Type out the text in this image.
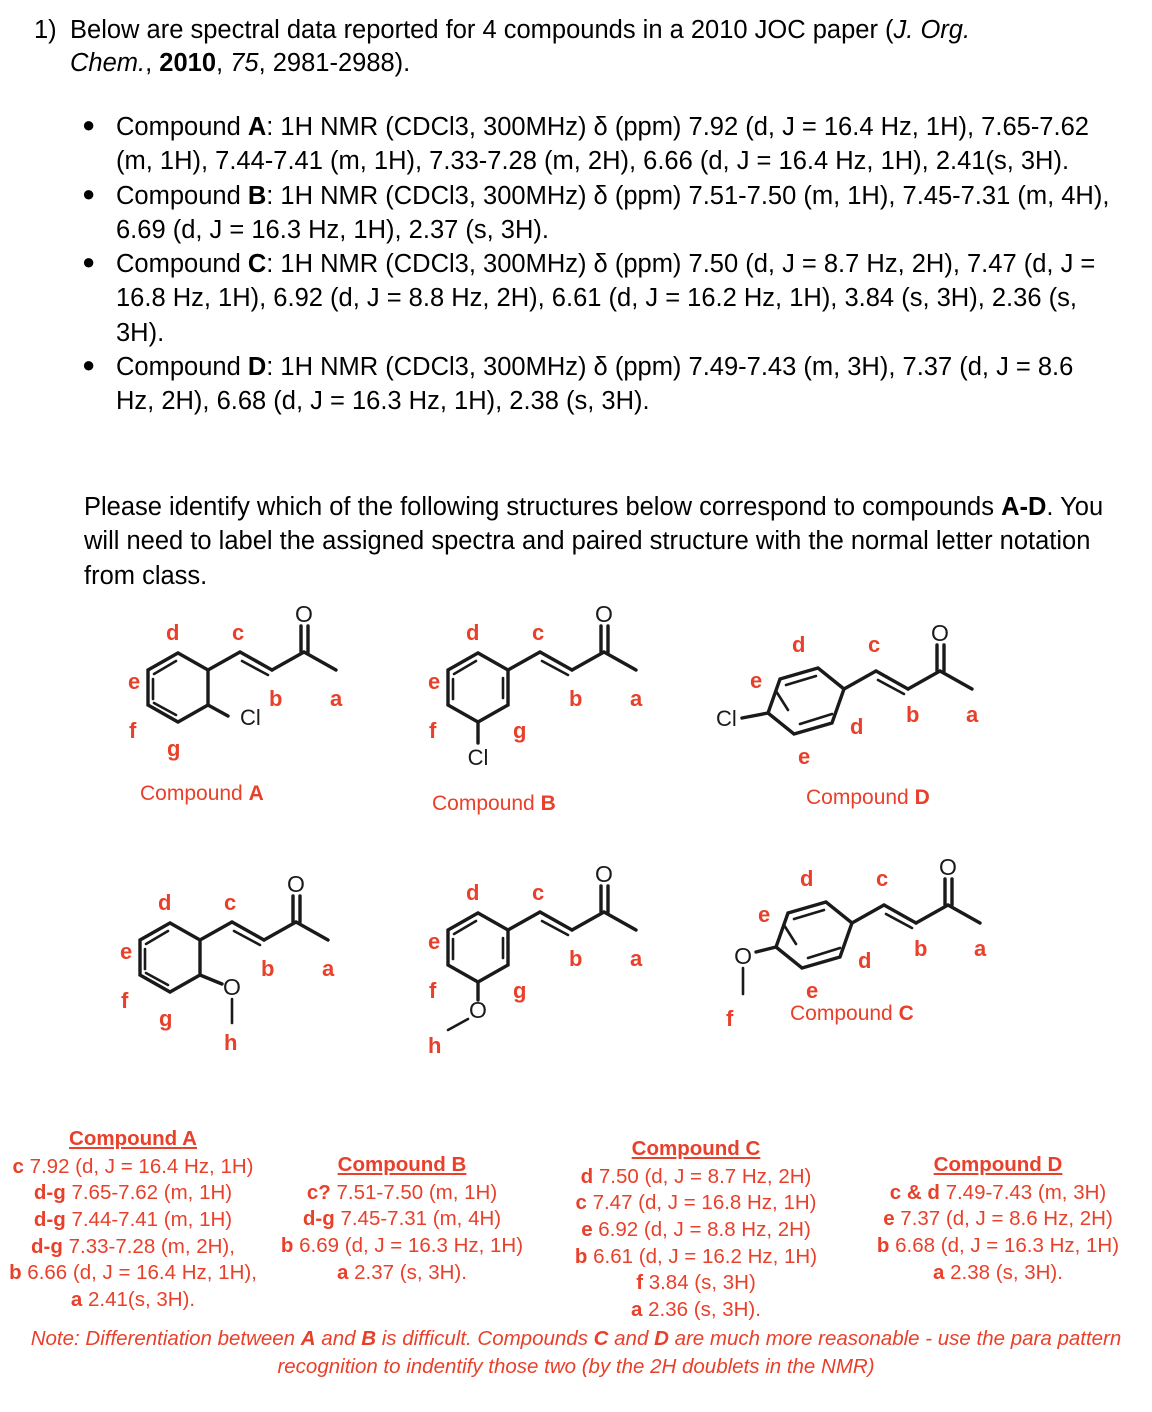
1) Below are spectral data reported for 4 compounds in a 2010 JOC paper (J. Org.
Chem. , 2010 , 75 , 2981-2988).
● Compound A: 1H NMR (CDCl3, 300MHz) δ (ppm) 7.92 (d, J = 16.4 Hz, 1H), 7.65-7.62 (m, 1H), 7.44-7.41 (m, 1H), 7.33-7.28 (m, 2H), 6.66 (d, J = 16.4 Hz, 1H), 2.41(s, 3H).
● Compound B: 1H NMR (CDCl3, 300MHz) δ (ppm) 7.51-7.50 (m, 1H), 7.45-7.31 (m, 4H), 6.69 (d, J = 16.3 Hz, 1H), 2.37 (s, 3H).
● Compound C: 1H NMR (CDCl3, 300MHz) δ (ppm) 7.50 (d, J = 8.7 Hz, 2H), 7.47 (d, J = 16.8 Hz, 1H), 6.92 (d, J = 8.8 Hz, 2H), 6.61 (d, J = 16.2 Hz, 1H), 3.84 (s, 3H), 2.36 (s, 3H).
● Compound D: 1H NMR (CDCl3, 300MHz) δ (ppm) 7.49-7.43 (m, 3H), 7.37 (d, J = 8.6 Hz, 2H), 6.68 (d, J = 16.3 Hz, 1H), 2.38 (s, 3H).
Please identify which of the following structures below correspond to compounds A-D. You will need to label the assigned spectra and paired structure with the normal letter notation from class.
O
Cl
d
e
f
g
c
b a
Compound A
O
Cl
d
e
f	g
c
b a
Compound B
O
Cl
d
e
d
e
c
b a
Compound D
O
O
d
e
f
g
c
b a
h
O
O
d
e
f	g
c
b a
h
O
O
d
e
d
e
c
b a
f	Compound C
Compound A
c 7.92 (d, J = 16.4 Hz, 1H)
d-g 7.65-7.62 (m, 1H)
d-g 7.44-7.41 (m, 1H)
d-g 7.33-7.28 (m, 2H),
b 6.66 (d, J = 16.4 Hz, 1H),
a 2.41(s, 3H).
Compound B
c? 7.51-7.50 (m, 1H)
d-g 7.45-7.31 (m, 4H)
b 6.69 (d, J = 16.3 Hz, 1H)
a 2.37 (s, 3H).
Compound C
d 7.50 (d, J = 8.7 Hz, 2H)
c 7.47 (d, J = 16.8 Hz, 1H)
e 6.92 (d, J = 8.8 Hz, 2H)
b 6.61 (d, J = 16.2 Hz, 1H)
f 3.84 (s, 3H)
a 2.36 (s, 3H).
Compound D
c & d 7.49-7.43 (m, 3H)
e 7.37 (d, J = 8.6 Hz, 2H)
b 6.68 (d, J = 16.3 Hz, 1H)
a 2.38 (s, 3H).
Note: Differentiation between A and B is difficult. Compounds C and D are much more reasonable - use the para pattern recognition to indentify those two (by the 2H doublets in the NMR)
